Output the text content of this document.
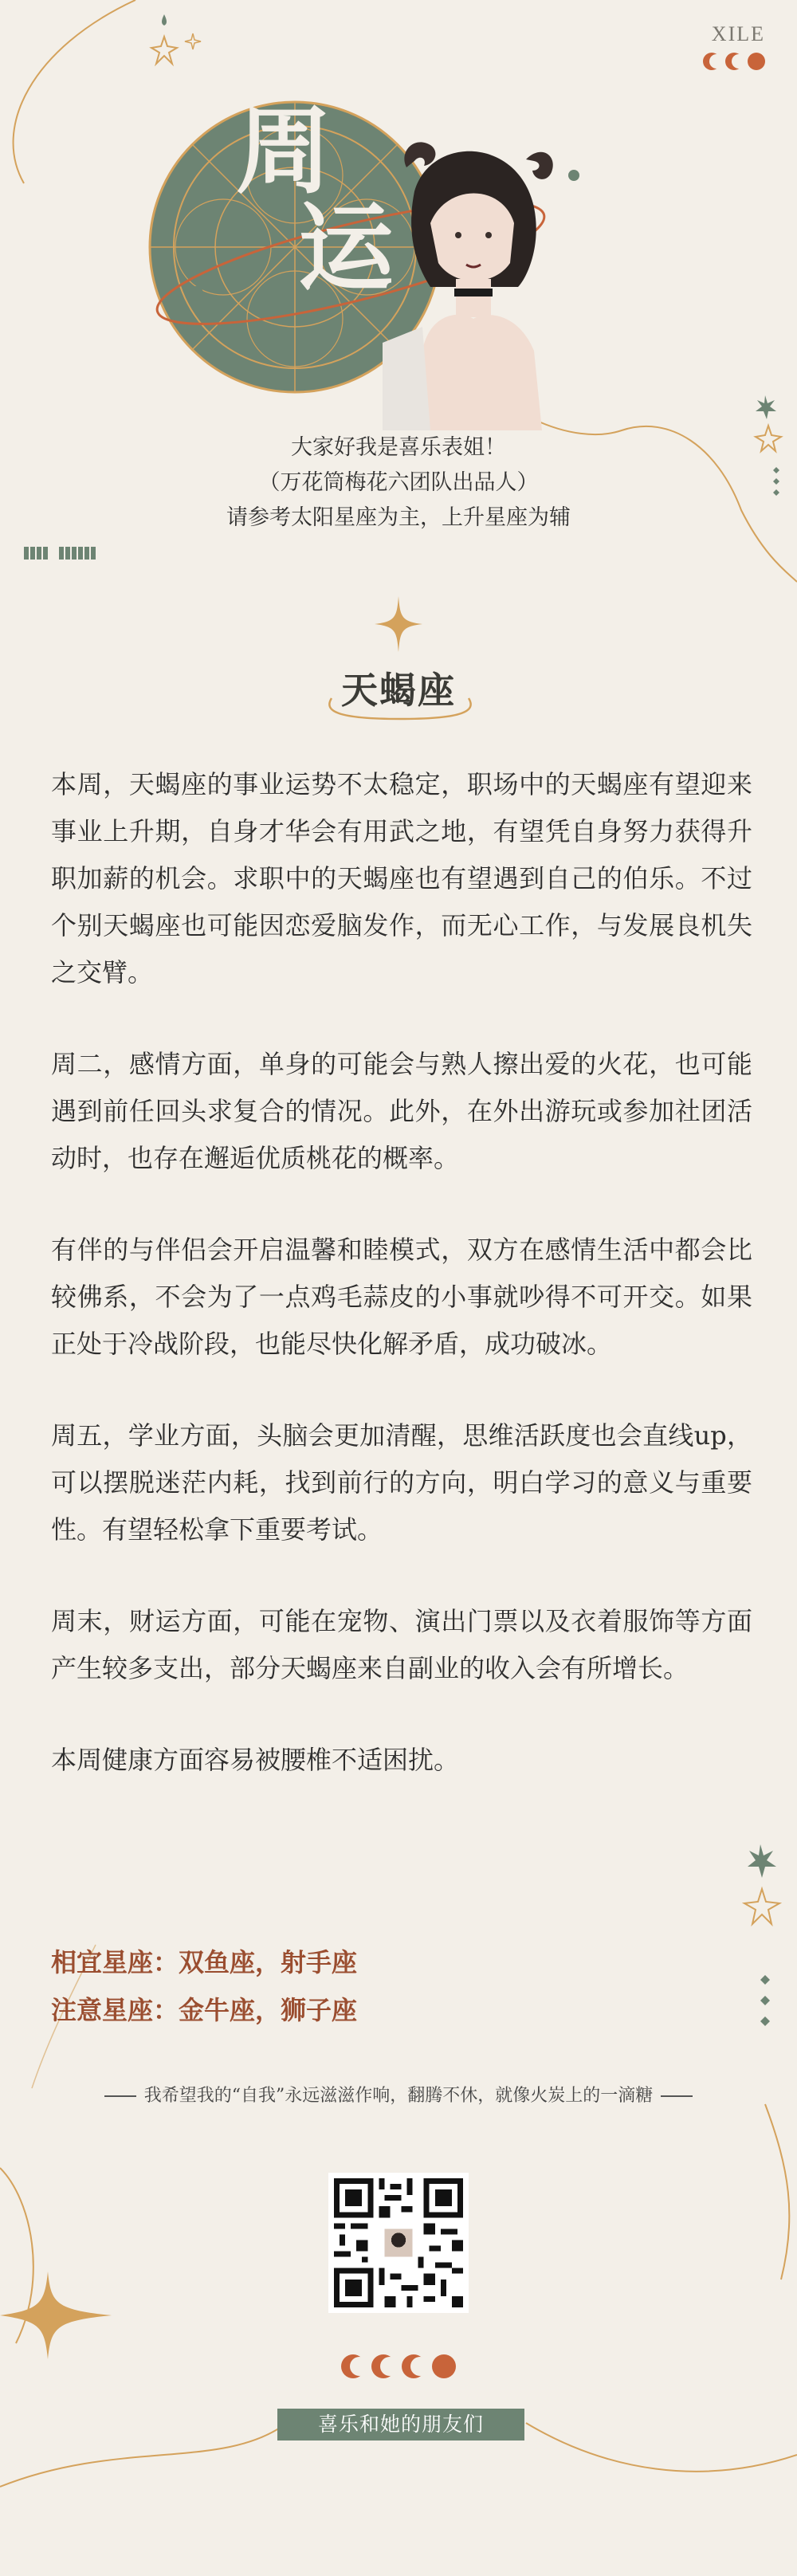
XILE
周
运
大家好我是喜乐表姐！
（万花筒梅花六团队出品人）
请参考太阳星座为主，上升星座为辅
天蝎座

本周，天蝎座的事业运势不太稳定，职场中的天蝎座有望迎来事业上升期，自身才华会有用武之地，有望凭自身努力获得升职加薪的机会。求职中的天蝎座也有望遇到自己的伯乐。不过个别天蝎座也可能因恋爱脑发作，而无心工作，与发展良机失之交臂。

周二，感情方面，单身的可能会与熟人擦出爱的火花，也可能遇到前任回头求复合的情况。此外，在外出游玩或参加社团活动时，也存在邂逅优质桃花的概率。

有伴的与伴侣会开启温馨和睦模式，双方在感情生活中都会比较佛系，不会为了一点鸡毛蒜皮的小事就吵得不可开交。如果正处于冷战阶段，也能尽快化解矛盾，成功破冰。

周五，学业方面，头脑会更加清醒，思维活跃度也会直线up，可以摆脱迷茫内耗，找到前行的方向，明白学习的意义与重要性。有望轻松拿下重要考试。

周末，财运方面，可能在宠物、演出门票以及衣着服饰等方面产生较多支出，部分天蝎座来自副业的收入会有所增长。

本周健康方面容易被腰椎不适困扰。

相宜星座：双鱼座，射手座
注意星座：金牛座，狮子座
我希望我的“自我”永远滋滋作响，翻腾不休，就像火炭上的一滴糖
喜乐和她的朋友们
